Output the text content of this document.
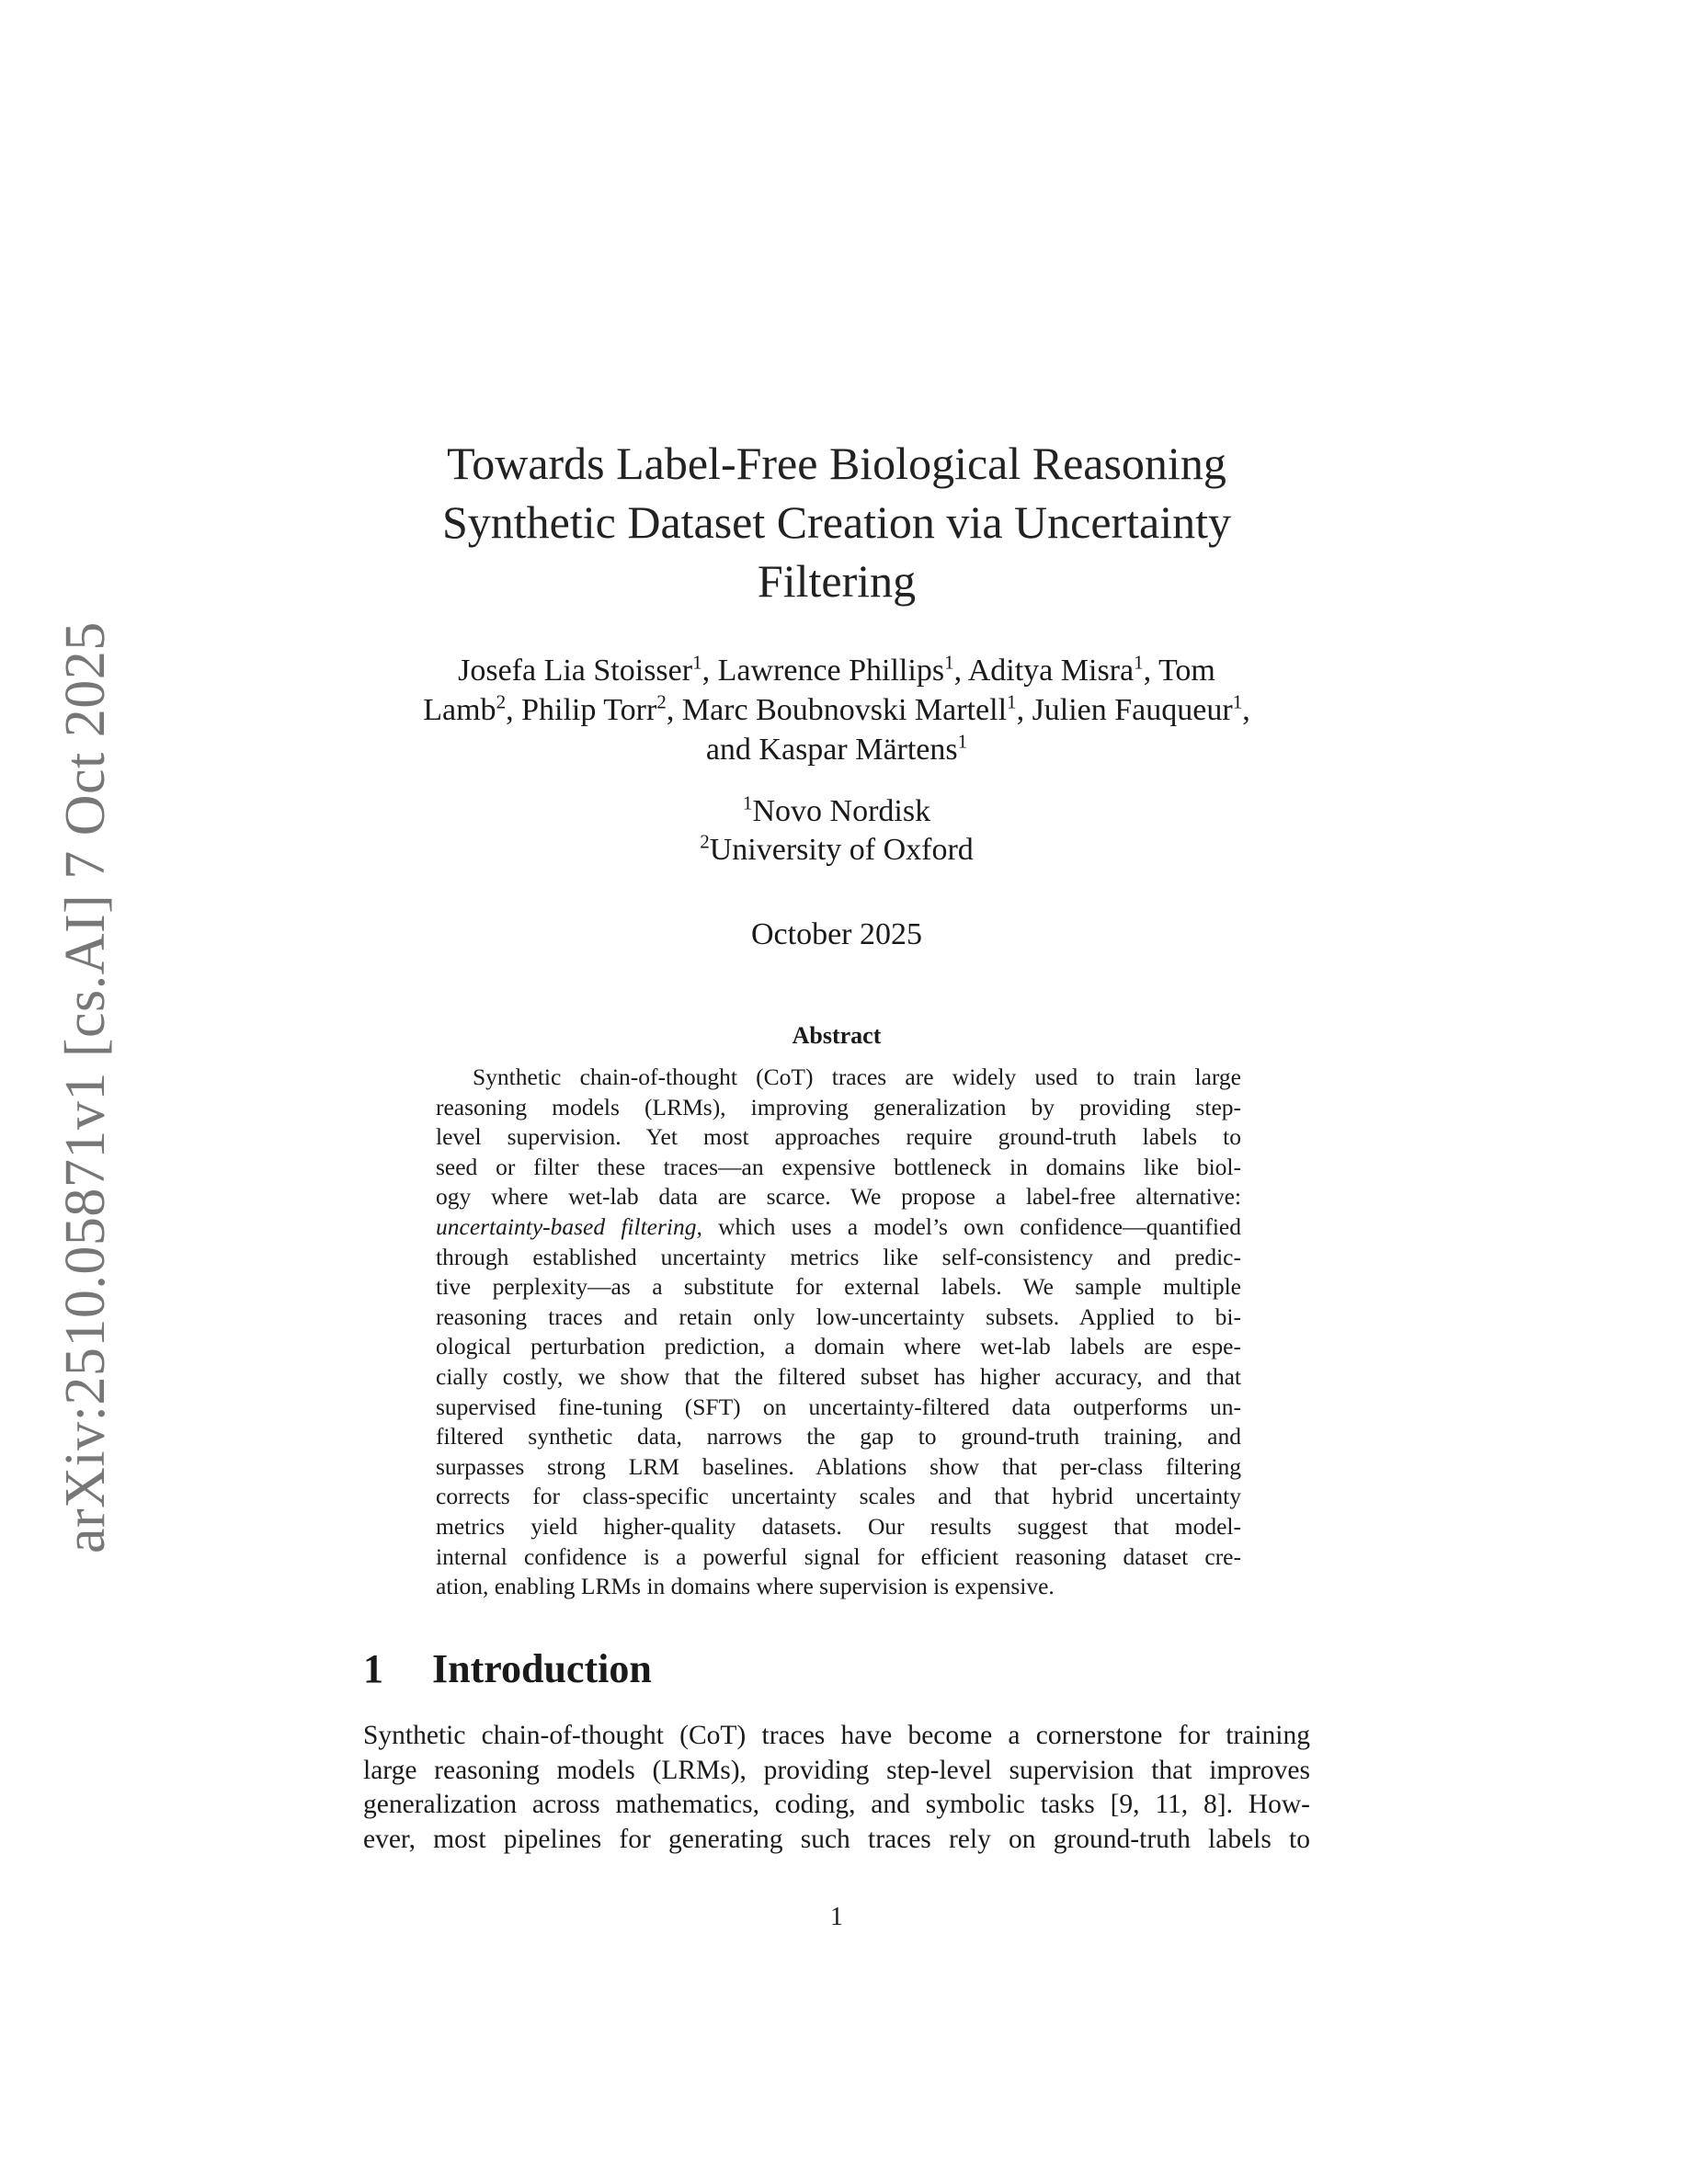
arXiv:2510.05871v1 [cs.AI] 7 Oct 2025
Towards Label-Free Biological Reasoning
Synthetic Dataset Creation via Uncertainty
Filtering
Josefa Lia Stoisser$^1$, Lawrence Phillips$^1$, Aditya Misra$^1$, Tom
Lamb$^2$, Philip Torr$^2$, Marc Boubnovski Martell$^1$, Julien Fauqueur$^1$,
and Kaspar Märtens$^1$
$^1$Novo Nordisk
$^2$University of Oxford
October 2025
Abstract
Synthetic chain-of-thought (CoT) traces are widely used to train large
reasoning models (LRMs), improving generalization by providing step-
level supervision. Yet most approaches require ground-truth labels to
seed or filter these traces—an expensive bottleneck in domains like biol-
ogy where wet-lab data are scarce. We propose a label-free alternative:
uncertainty-based filtering, which uses a model’s own confidence—quantified
through established uncertainty metrics like self-consistency and predic-
tive perplexity—as a substitute for external labels. We sample multiple
reasoning traces and retain only low-uncertainty subsets. Applied to bi-
ological perturbation prediction, a domain where wet-lab labels are espe-
cially costly, we show that the filtered subset has higher accuracy, and that
supervised fine-tuning (SFT) on uncertainty-filtered data outperforms un-
filtered synthetic data, narrows the gap to ground-truth training, and
surpasses strong LRM baselines. Ablations show that per-class filtering
corrects for class-specific uncertainty scales and that hybrid uncertainty
metrics yield higher-quality datasets. Our results suggest that model-
internal confidence is a powerful signal for efficient reasoning dataset cre-
ation, enabling LRMs in domains where supervision is expensive.
1 Introduction
Synthetic chain-of-thought (CoT) traces have become a cornerstone for training
large reasoning models (LRMs), providing step-level supervision that improves
generalization across mathematics, coding, and symbolic tasks [9, 11, 8]. How-
ever, most pipelines for generating such traces rely on ground-truth labels to
1
